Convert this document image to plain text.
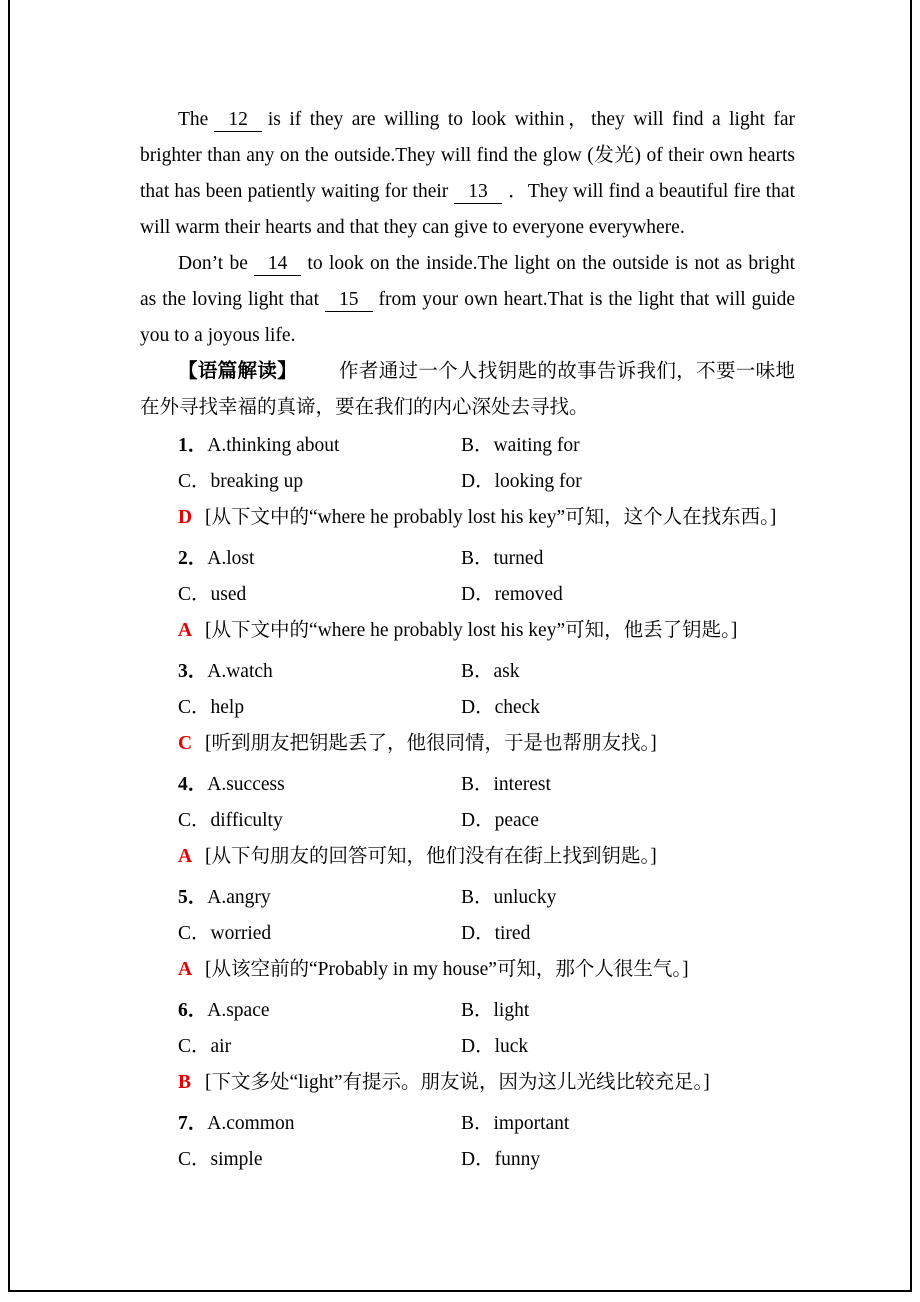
The 12 is if they are willing to look within，they will find a light far brighter than any on the outside.They will find the glow (发光) of their own hearts that has been patiently waiting for their 13 ．They will find a beautiful fire that will warm their hearts and that they can give to everyone everywhere.

Don’t be 14 to look on the inside.The light on the outside is not as bright as the loving light that 15 from your own heart.That is the light that will guide you to a joyous life.

【语篇解读】 作者通过一个人找钥匙的故事告诉我们，不要一味地在外寻找幸福的真谛，要在我们的内心深处去寻找。

1．A.thinking about	B．waiting for
C．breaking up	D．looking for
D [从下文中的“where he probably lost his key”可知，这个人在找东西。]
2．A.lost	B．turned
C．used	D．removed
A [从下文中的“where he probably lost his key”可知，他丢了钥匙。]
3．A.watch	B．ask
C．help	D．check
C [听到朋友把钥匙丢了，他很同情，于是也帮朋友找。]
4．A.success	B．interest
C．difficulty	D．peace
A [从下句朋友的回答可知，他们没有在街上找到钥匙。]
5．A.angry	B．unlucky
C．worried	D．tired
A [从该空前的“Probably in my house”可知，那个人很生气。]
6．A.space	B．light
C．air	D．luck
B [下文多处“light”有提示。朋友说，因为这儿光线比较充足。]
7．A.common	B．important
C．simple	D．funny
